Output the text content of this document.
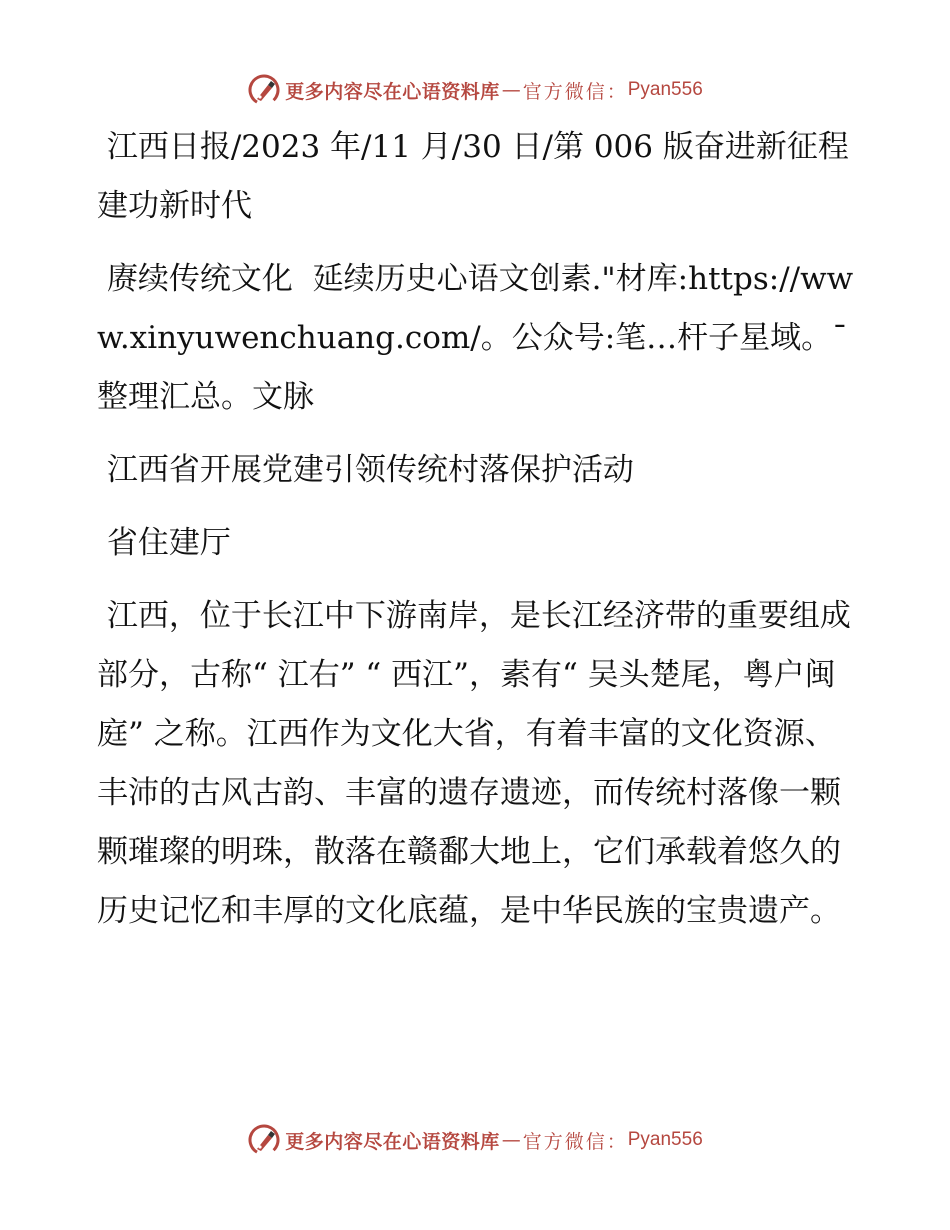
更多内容尽在心语资料库 — 官方微信： Pyan556

江西日报/2023 年/11 月/30 日/第 006 版奋进新征程 建功新时代

赓续传统文化  延续历史心语文创素."材库:https://www.xinyuwenchuang.com/。公众号:笔…杆子星域。¯整理汇总。文脉

江西省开展党建引领传统村落保护活动

省住建厅

江西，位于长江中下游南岸，是长江经济带的重要组成部分，古称“ 江右” “ 西江”，素有“ 吴头楚尾，粤户闽庭” 之称。江西作为文化大省，有着丰富的文化资源、丰沛的古风古韵、丰富的遗存遗迹，而传统村落像一颗颗璀璨的明珠，散落在赣鄱大地上，它们承载着悠久的历史记忆和丰厚的文化底蕴，是中华民族的宝贵遗产。

更多内容尽在心语资料库 — 官方微信： Pyan556
